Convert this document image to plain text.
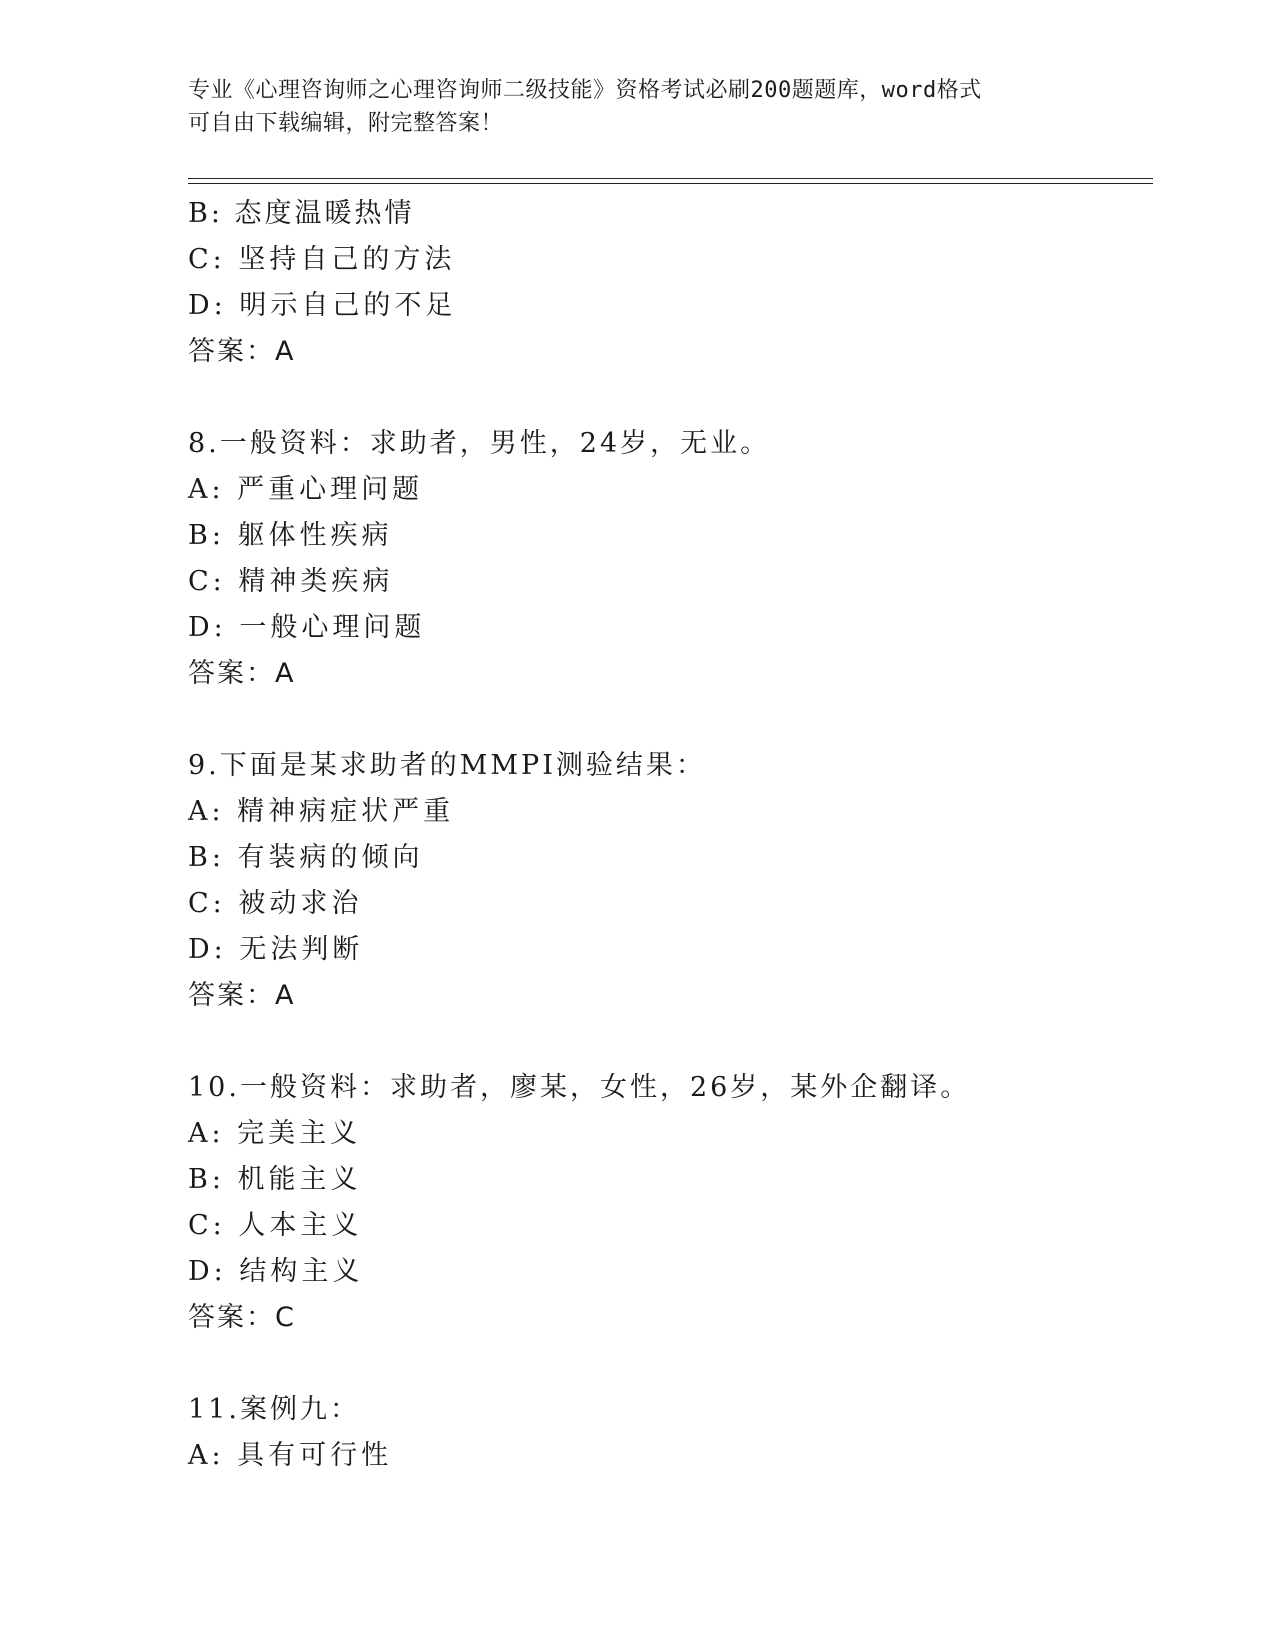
专业《心理咨询师之心理咨询师二级技能》资格考试必刷200题题库，word格式
可自由下载编辑，附完整答案！
B: 态度温暖热情
C: 坚持自己的方法
D: 明示自己的不足
答案：A
8.一般资料：求助者，男性，24岁，无业。
A: 严重心理问题
B: 躯体性疾病
C: 精神类疾病
D: 一般心理问题
答案：A
9.下面是某求助者的MMPI测验结果：
A: 精神病症状严重
B: 有装病的倾向
C: 被动求治
D: 无法判断
答案：A
10.一般资料：求助者，廖某，女性，26岁，某外企翻译。
A: 完美主义
B: 机能主义
C: 人本主义
D: 结构主义
答案：C
11.案例九：
A: 具有可行性
